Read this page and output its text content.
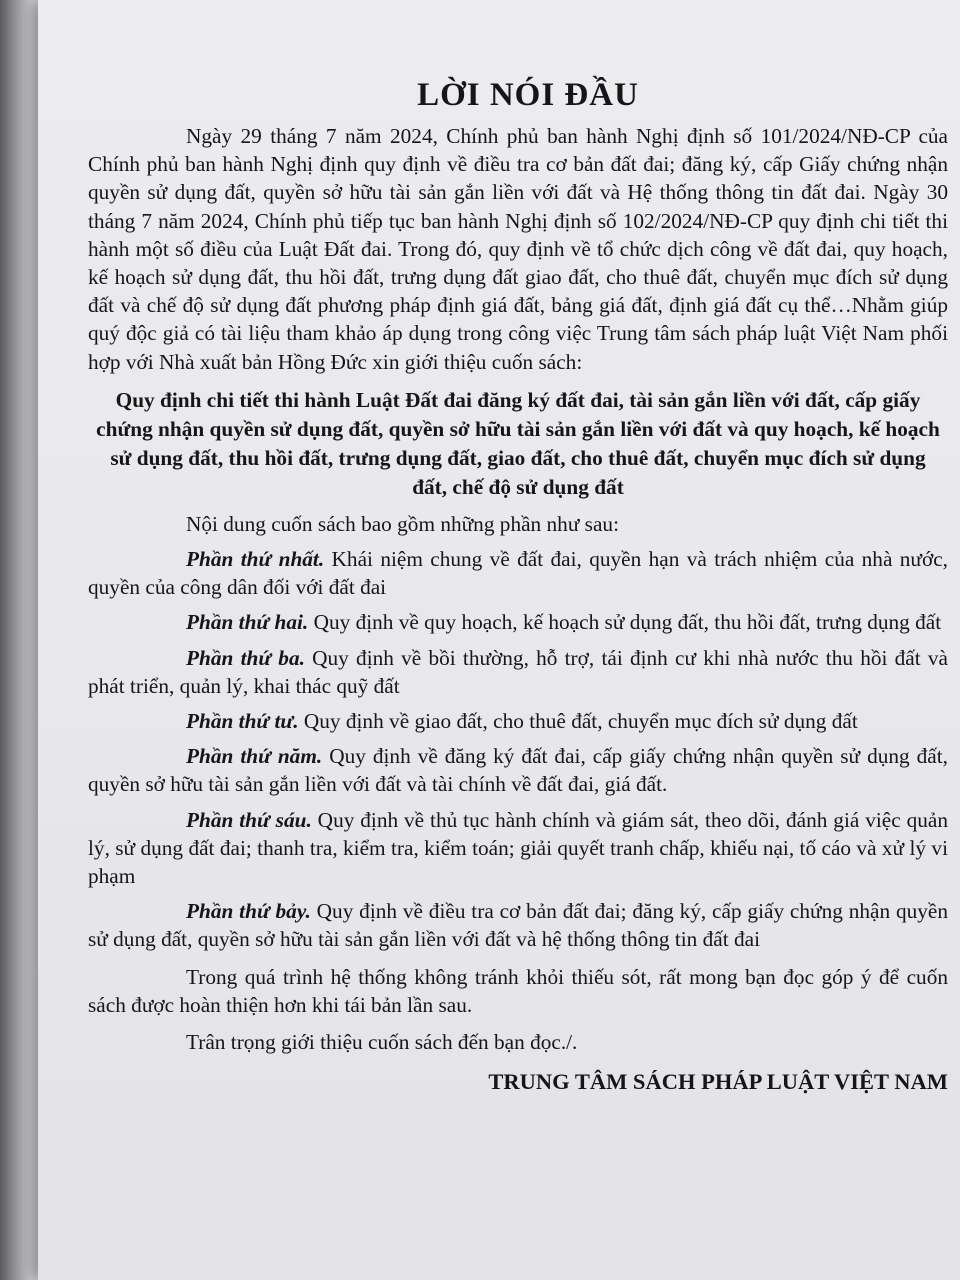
LỜI NÓI ĐẦU

Ngày 29 tháng 7 năm 2024, Chính phủ ban hành Nghị định số 101/2024/NĐ-CP của Chính phủ ban hành Nghị định quy định về điều tra cơ bản đất đai; đăng ký, cấp Giấy chứng nhận quyền sử dụng đất, quyền sở hữu tài sản gắn liền với đất và Hệ thống thông tin đất đai. Ngày 30 tháng 7 năm 2024, Chính phủ tiếp tục ban hành Nghị định số 102/2024/NĐ-CP quy định chi tiết thi hành một số điều của Luật Đất đai. Trong đó, quy định về tổ chức dịch công về đất đai, quy hoạch, kế hoạch sử dụng đất, thu hồi đất, trưng dụng đất giao đất, cho thuê đất, chuyển mục đích sử dụng đất và chế độ sử dụng đất phương pháp định giá đất, bảng giá đất, định giá đất cụ thể…Nhằm giúp quý độc giả có tài liệu tham khảo áp dụng trong công việc Trung tâm sách pháp luật Việt Nam phối hợp với Nhà xuất bản Hồng Đức xin giới thiệu cuốn sách:

Quy định chi tiết thi hành Luật Đất đai đăng ký đất đai, tài sản gắn liền với đất, cấp giấy chứng nhận quyền sử dụng đất, quyền sở hữu tài sản gắn liền với đất và quy hoạch, kế hoạch sử dụng đất, thu hồi đất, trưng dụng đất, giao đất, cho thuê đất, chuyển mục đích sử dụng đất, chế độ sử dụng đất

Nội dung cuốn sách bao gồm những phần như sau:

Phần thứ nhất. Khái niệm chung về đất đai, quyền hạn và trách nhiệm của nhà nước, quyền của công dân đối với đất đai

Phần thứ hai. Quy định về quy hoạch, kế hoạch sử dụng đất, thu hồi đất, trưng dụng đất

Phần thứ ba. Quy định về bồi thường, hỗ trợ, tái định cư khi nhà nước thu hồi đất và phát triển, quản lý, khai thác quỹ đất

Phần thứ tư. Quy định về giao đất, cho thuê đất, chuyển mục đích sử dụng đất

Phần thứ năm. Quy định về đăng ký đất đai, cấp giấy chứng nhận quyền sử dụng đất, quyền sở hữu tài sản gắn liền với đất và tài chính về đất đai, giá đất.

Phần thứ sáu. Quy định về thủ tục hành chính và giám sát, theo dõi, đánh giá việc quản lý, sử dụng đất đai; thanh tra, kiểm tra, kiểm toán; giải quyết tranh chấp, khiếu nại, tố cáo và xử lý vi phạm

Phần thứ bảy. Quy định về điều tra cơ bản đất đai; đăng ký, cấp giấy chứng nhận quyền sử dụng đất, quyền sở hữu tài sản gắn liền với đất và hệ thống thông tin đất đai

Trong quá trình hệ thống không tránh khỏi thiếu sót, rất mong bạn đọc góp ý để cuốn sách được hoàn thiện hơn khi tái bản lần sau.

Trân trọng giới thiệu cuốn sách đến bạn đọc./.

TRUNG TÂM SÁCH PHÁP LUẬT VIỆT NAM
